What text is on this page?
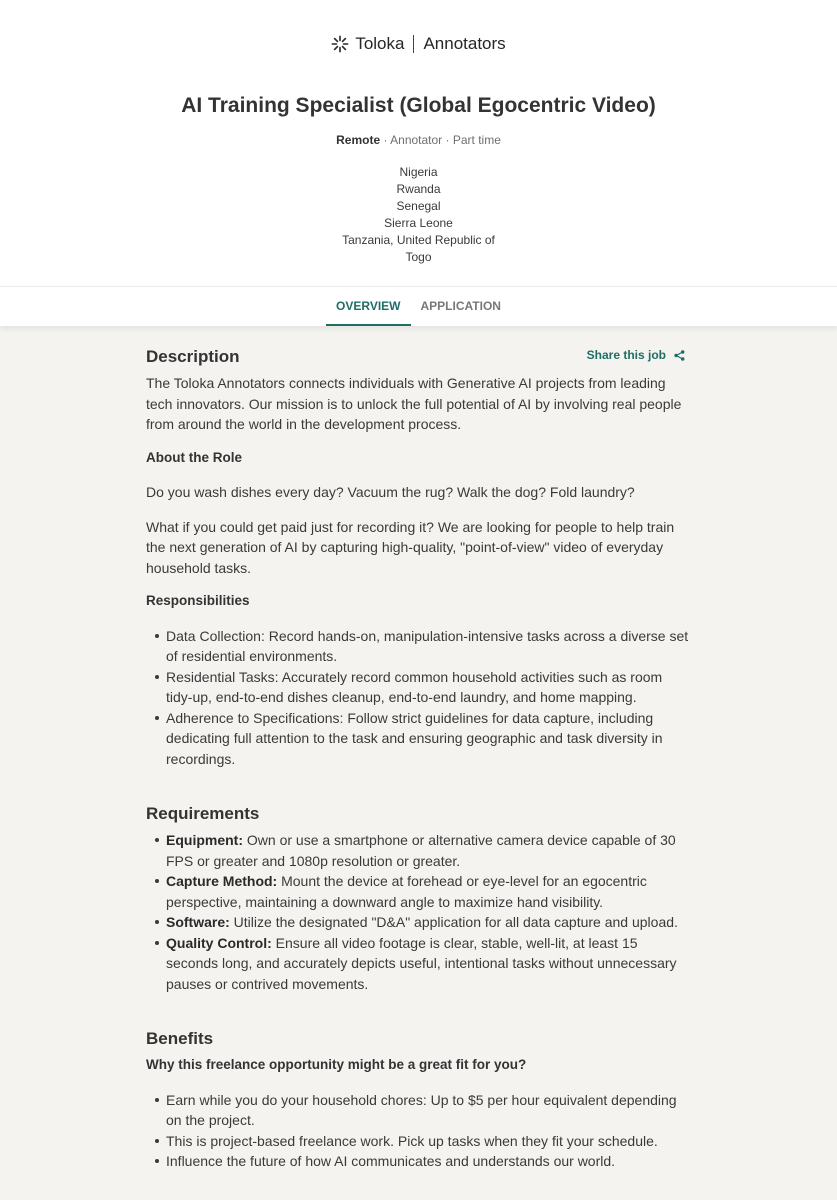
Toloka Annotators
AI Training Specialist (Global Egocentric Video)
Remote · Annotator · Part time
Nigeria
Rwanda
Senegal
Sierra Leone
Tanzania, United Republic of
Togo
OVERVIEW	APPLICATION
Share this job
Description

The Toloka Annotators connects individuals with Generative AI projects from leading tech innovators. Our mission is to unlock the full potential of AI by involving real people from around the world in the development process.

About the Role

Do you wash dishes every day? Vacuum the rug? Walk the dog? Fold laundry?

What if you could get paid just for recording it? We are looking for people to help train the next generation of AI by capturing high-quality, "point-of-view" video of everyday household tasks.

Responsibilities

Data Collection: Record hands-on, manipulation-intensive tasks across a diverse set of residential environments.
Residential Tasks: Accurately record common household activities such as room tidy-up, end-to-end dishes cleanup, end-to-end laundry, and home mapping.
Adherence to Specifications: Follow strict guidelines for data capture, including dedicating full attention to the task and ensuring geographic and task diversity in recordings.
Requirements
Equipment: Own or use a smartphone or alternative camera device capable of 30 FPS or greater and 1080p resolution or greater.
Capture Method: Mount the device at forehead or eye-level for an egocentric perspective, maintaining a downward angle to maximize hand visibility.
Software: Utilize the designated "D&A" application for all data capture and upload.
Quality Control: Ensure all video footage is clear, stable, well-lit, at least 15 seconds long, and accurately depicts useful, intentional tasks without unnecessary pauses or contrived movements.
Benefits

Why this freelance opportunity might be a great fit for you?

Earn while you do your household chores: Up to $5 per hour equivalent depending on the project.
This is project-based freelance work. Pick up tasks when they fit your schedule.
Influence the future of how AI communicates and understands our world.
